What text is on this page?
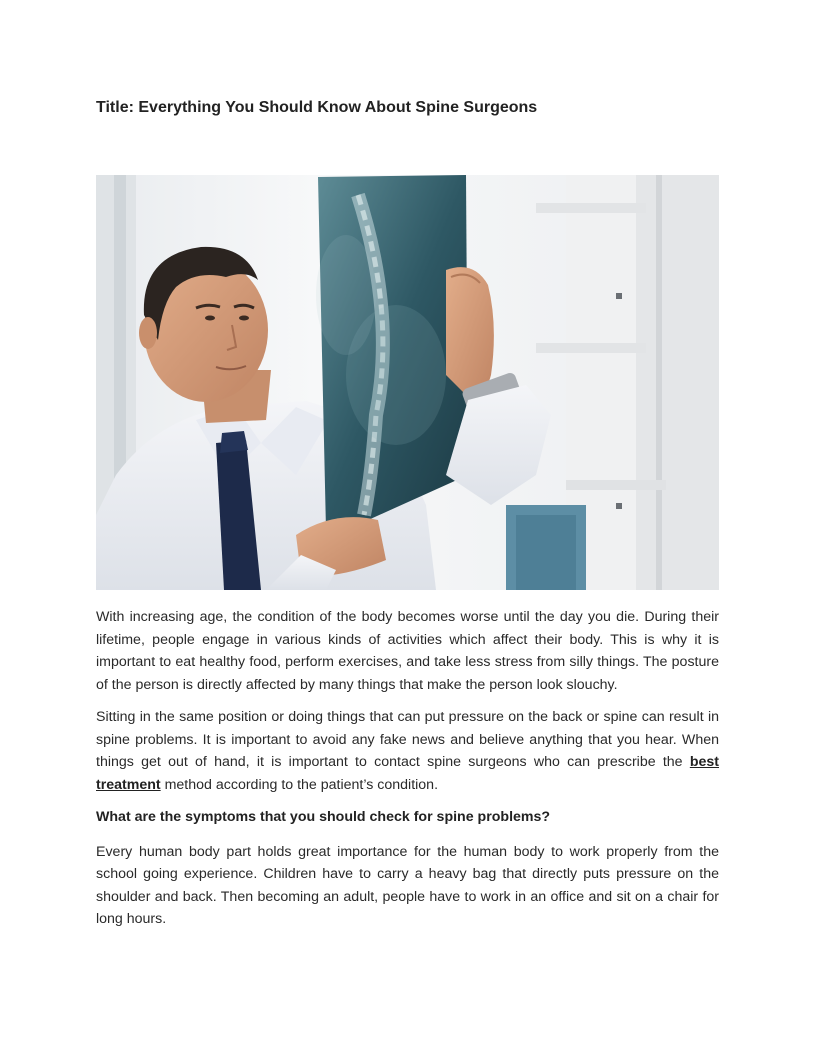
Title: Everything You Should Know About Spine Surgeons

With increasing age, the condition of the body becomes worse until the day you die. During their lifetime, people engage in various kinds of activities which affect their body. This is why it is important to eat healthy food, perform exercises, and take less stress from silly things. The posture of the person is directly affected by many things that make the person look slouchy.

Sitting in the same position or doing things that can put pressure on the back or spine can result in spine problems. It is important to avoid any fake news and believe anything that you hear. When things get out of hand, it is important to contact spine surgeons who can prescribe the best treatment method according to the patient’s condition.

What are the symptoms that you should check for spine problems?

Every human body part holds great importance for the human body to work properly from the school going experience. Children have to carry a heavy bag that directly puts pressure on the shoulder and back. Then becoming an adult, people have to work in an office and sit on a chair for long hours.
